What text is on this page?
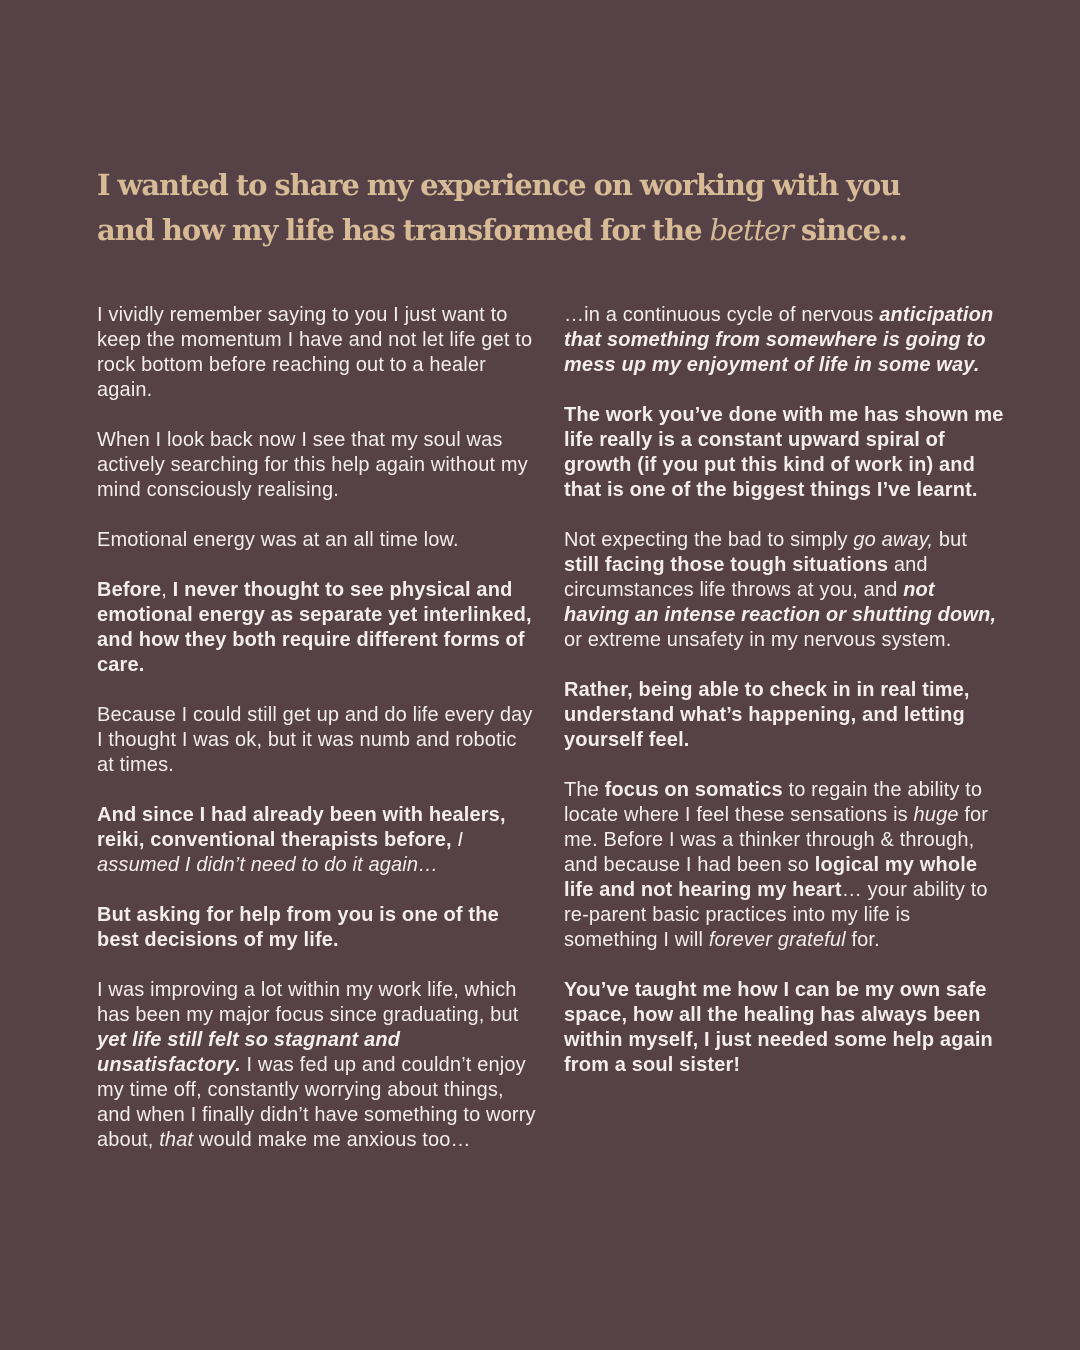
I wanted to share my experience on working with you
and how my life has transformed for the better since...

I vividly remember saying to you I just want to keep the momentum I have and not let life get to rock bottom before reaching out to a healer again.

When I look back now I see that my soul was actively searching for this help again without my mind consciously realising.

Emotional energy was at an all time low.

Before, I never thought to see physical and emotional energy as separate yet interlinked, and how they both require different forms of care.

Because I could still get up and do life every day I thought I was ok, but it was numb and robotic at times.

And since I had already been with healers, reiki, conventional therapists before, I assumed I didn’t need to do it again…

But asking for help from you is one of the best decisions of my life.

I was improving a lot within my work life, which has been my major focus since graduating, but yet life still felt so stagnant and unsatisfactory. I was fed up and couldn’t enjoy my time off, constantly worrying about things, and when I finally didn’t have something to worry about, that would make me anxious too…

…in a continuous cycle of nervous anticipation that something from somewhere is going to mess up my enjoyment of life in some way.

The work you’ve done with me has shown me life really is a constant upward spiral of growth (if you put this kind of work in) and that is one of the biggest things I’ve learnt.

Not expecting the bad to simply go away, but still facing those tough situations and circumstances life throws at you, and not having an intense reaction or shutting down, or extreme unsafety in my nervous system.

Rather, being able to check in in real time, understand what’s happening, and letting yourself feel.

The focus on somatics to regain the ability to locate where I feel these sensations is huge for me. Before I was a thinker through & through, and because I had been so logical my whole life and not hearing my heart… your ability to re-parent basic practices into my life is something I will forever grateful for.

You’ve taught me how I can be my own safe space, how all the healing has always been within myself, I just needed some help again from a soul sister!
